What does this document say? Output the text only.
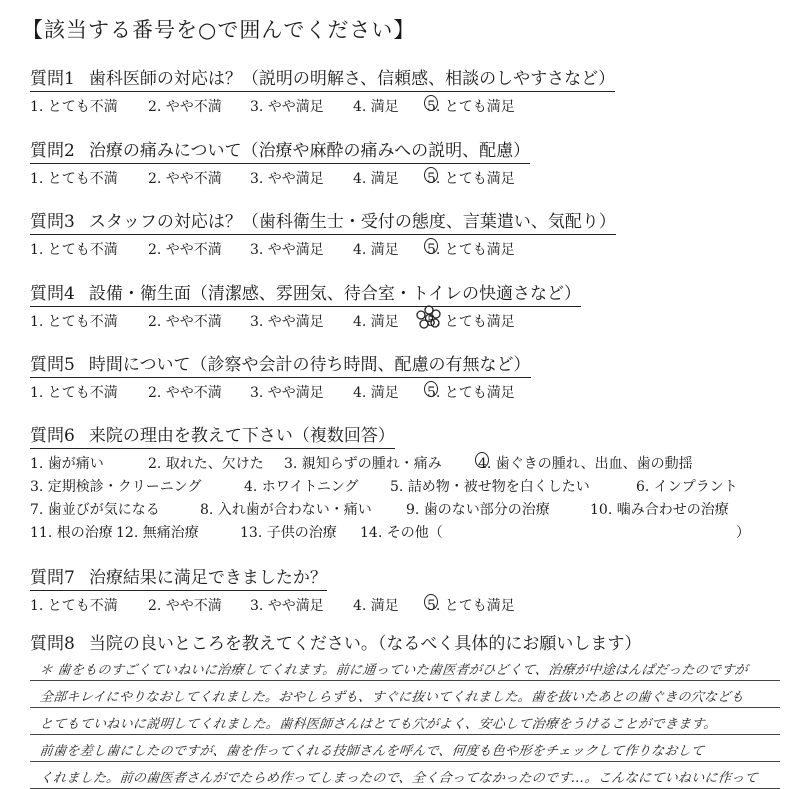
【該当する番号を○で囲んでください】
質問1 歯科医師の対応は？（説明の明解さ、信頼感、相談のしやすさなど）
1. とても不満 2. やや不満 3. やや満足 4. 満足 5. とても満足
質問2 治療の痛みについて（治療や麻酔の痛みへの説明、配慮）
1. とても不満 2. やや不満 3. やや満足 4. 満足 5. とても満足
質問3 スタッフの対応は？（歯科衛生士・受付の態度、言葉遣い、気配り）
1. とても不満 2. やや不満 3. やや満足 4. 満足 5. とても満足
質問4 設備・衛生面（清潔感、雰囲気、待合室・トイレの快適さなど）
1. とても不満 2. やや不満 3. やや満足 4. 満足 5. とても満足
質問5 時間について（診察や会計の待ち時間、配慮の有無など）
1. とても不満 2. やや不満 3. やや満足 4. 満足 5. とても満足
質問6 来院の理由を教えて下さい（複数回答）
1. 歯が痛い	2. 取れた、欠けた 3. 親知らずの腫れ・痛み	4. 歯ぐきの腫れ、出血、歯の動揺
3. 定期検診・クリーニング	4. ホワイトニング 5. 詰め物・被せ物を白くしたい	6. インプラント
7. 歯並びが気になる	8. 入れ歯が合わない・痛い 9. 歯のない部分の治療	10. 噛み合わせの治療
11. 根の治療 12. 無痛治療	13. 子供の治療 14. その他（	）
質問7 治療結果に満足できましたか？
1. とても不満 2. やや不満 3. やや満足 4. 満足 5. とても満足
質問8 当院の良いところを教えてください。（なるべく具体的にお願いします）
＊ 歯をものすごくていねいに治療してくれます。前に通っていた歯医者がひどくて、治療が中途はんぱだったのですが
全部キレイにやりなおしてくれました。おやしらずも、すぐに抜いてくれました。歯を抜いたあとの歯ぐきの穴なども
とてもていねいに説明してくれました。歯科医師さんはとても穴がよく、安心して治療をうけることができます。
前歯を差し歯にしたのですが、歯を作ってくれる技師さんを呼んで、何度も色や形をチェックして作りなおして
くれました。前の歯医者さんがでたらめ作ってしまったので、全く合ってなかったのです…。こんなにていねいに作って
